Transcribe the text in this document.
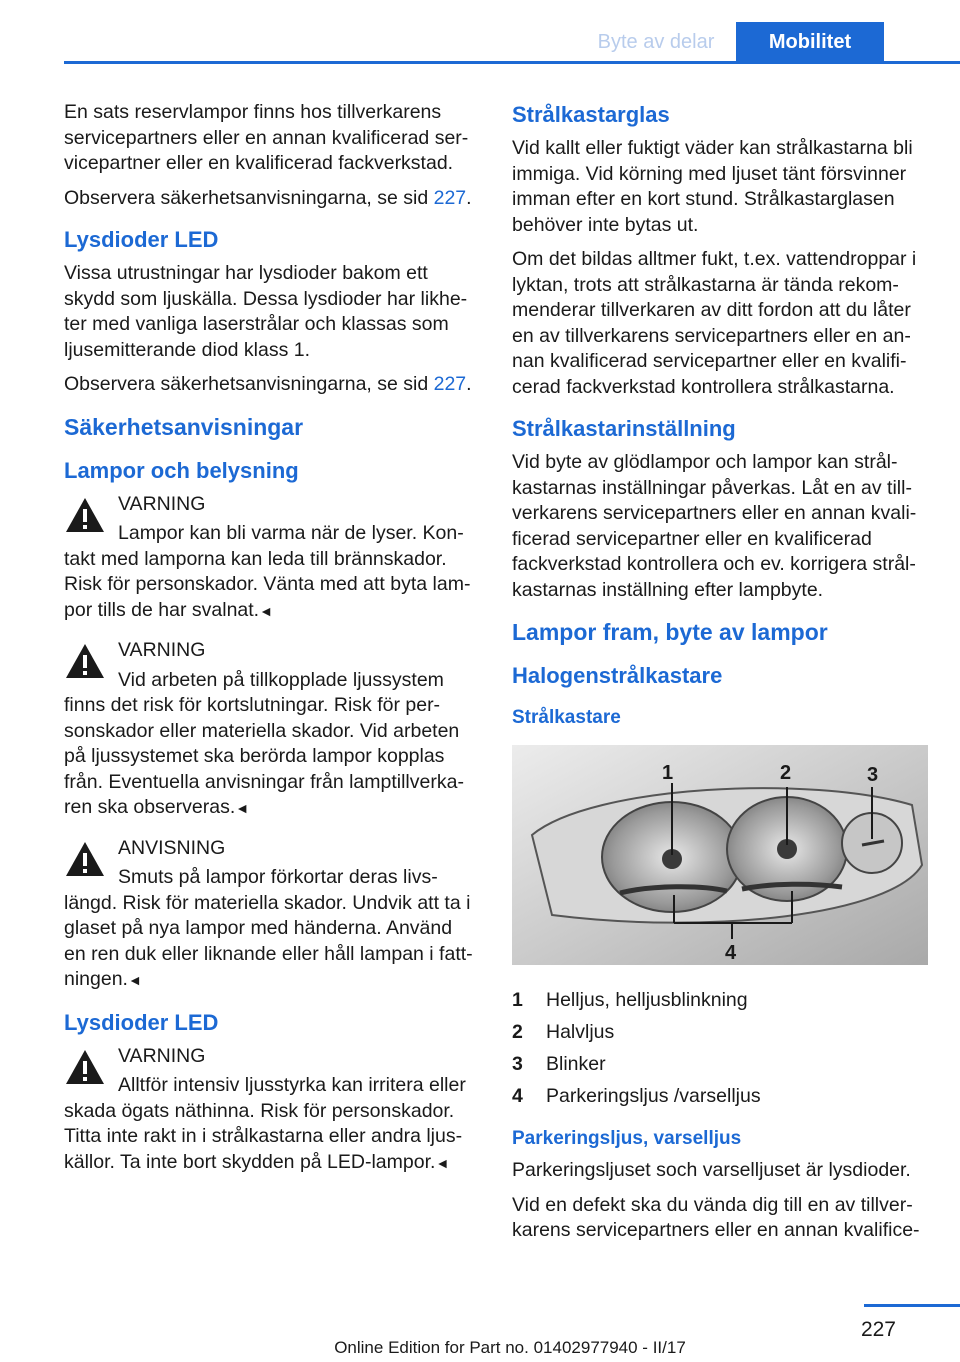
Byte av delar	Mobilitet

En sats reservlampor finns hos tillverkarens servicepartners eller en annan kvalificerad ser-vicepartner eller en kvalificerad fackverkstad.

Observera säkerhetsanvisningarna, se sid 227.

Lysdioder LED

Vissa utrustningar har lysdioder bakom ett skydd som ljuskälla. Dessa lysdioder har likhe-ter med vanliga laserstrålar och klassas som ljusemitterande diod klass 1.

Observera säkerhetsanvisningarna, se sid 227.

Säkerhetsanvisningar
Lampor och belysning
VARNING
Lampor kan bli varma när de lyser. Kon-takt med lamporna kan leda till brännskador. Risk för personskador. Vänta med att byta lam-por tills de har svalnat.◄
VARNING
Vid arbeten på tillkopplade ljussystem finns det risk för kortslutningar. Risk för per-sonskador eller materiella skador. Vid arbeten på ljussystemet ska berörda lampor kopplas från. Eventuella anvisningar från lamptillverka-ren ska observeras.◄
ANVISNING
Smuts på lampor förkortar deras livs-längd. Risk för materiella skador. Undvik att ta i glaset på nya lampor med händerna. Använd en ren duk eller liknande eller håll lampan i fatt-ningen.◄
Lysdioder LED
VARNING
Alltför intensiv ljusstyrka kan irritera eller skada ögats näthinna. Risk för personskador. Titta inte rakt in i strålkastarna eller andra ljus-källor. Ta inte bort skydden på LED-lampor.◄
Strålkastarglas

Vid kallt eller fuktigt väder kan strålkastarna bli immiga. Vid körning med ljuset tänt försvinner imman efter en kort stund. Strålkastarglasen behöver inte bytas ut.

Om det bildas alltmer fukt, t.ex. vattendroppar i lyktan, trots att strålkastarna är tända rekom-menderar tillverkaren av ditt fordon att du låter en av tillverkarens servicepartners eller en an-nan kvalificerad servicepartner eller en kvalifi-cerad fackverkstad kontrollera strålkastarna.

Strålkastarinställning

Vid byte av glödlampor och lampor kan strål-kastarnas inställningar påverkas. Låt en av till-verkarens servicepartners eller en annan kvali-ficerad servicepartner eller en kvalificerad fackverkstad kontrollera och ev. korrigera strål-kastarnas inställning efter lampbyte.

Lampor fram, byte av lampor
Halogenstrålkastare
Strålkastare
1	2	3
4
1	Helljus, helljusblinkning
2	Halvljus
3	Blinker
4	Parkeringsljus /varselljus
Parkeringsljus, varselljus

Parkeringsljuset soch varselljuset är lysdioder.

Vid en defekt ska du vända dig till en av tillver-karens servicepartners eller en annan kvalifice-

227
Online Edition for Part no. 01402977940 - II/17
